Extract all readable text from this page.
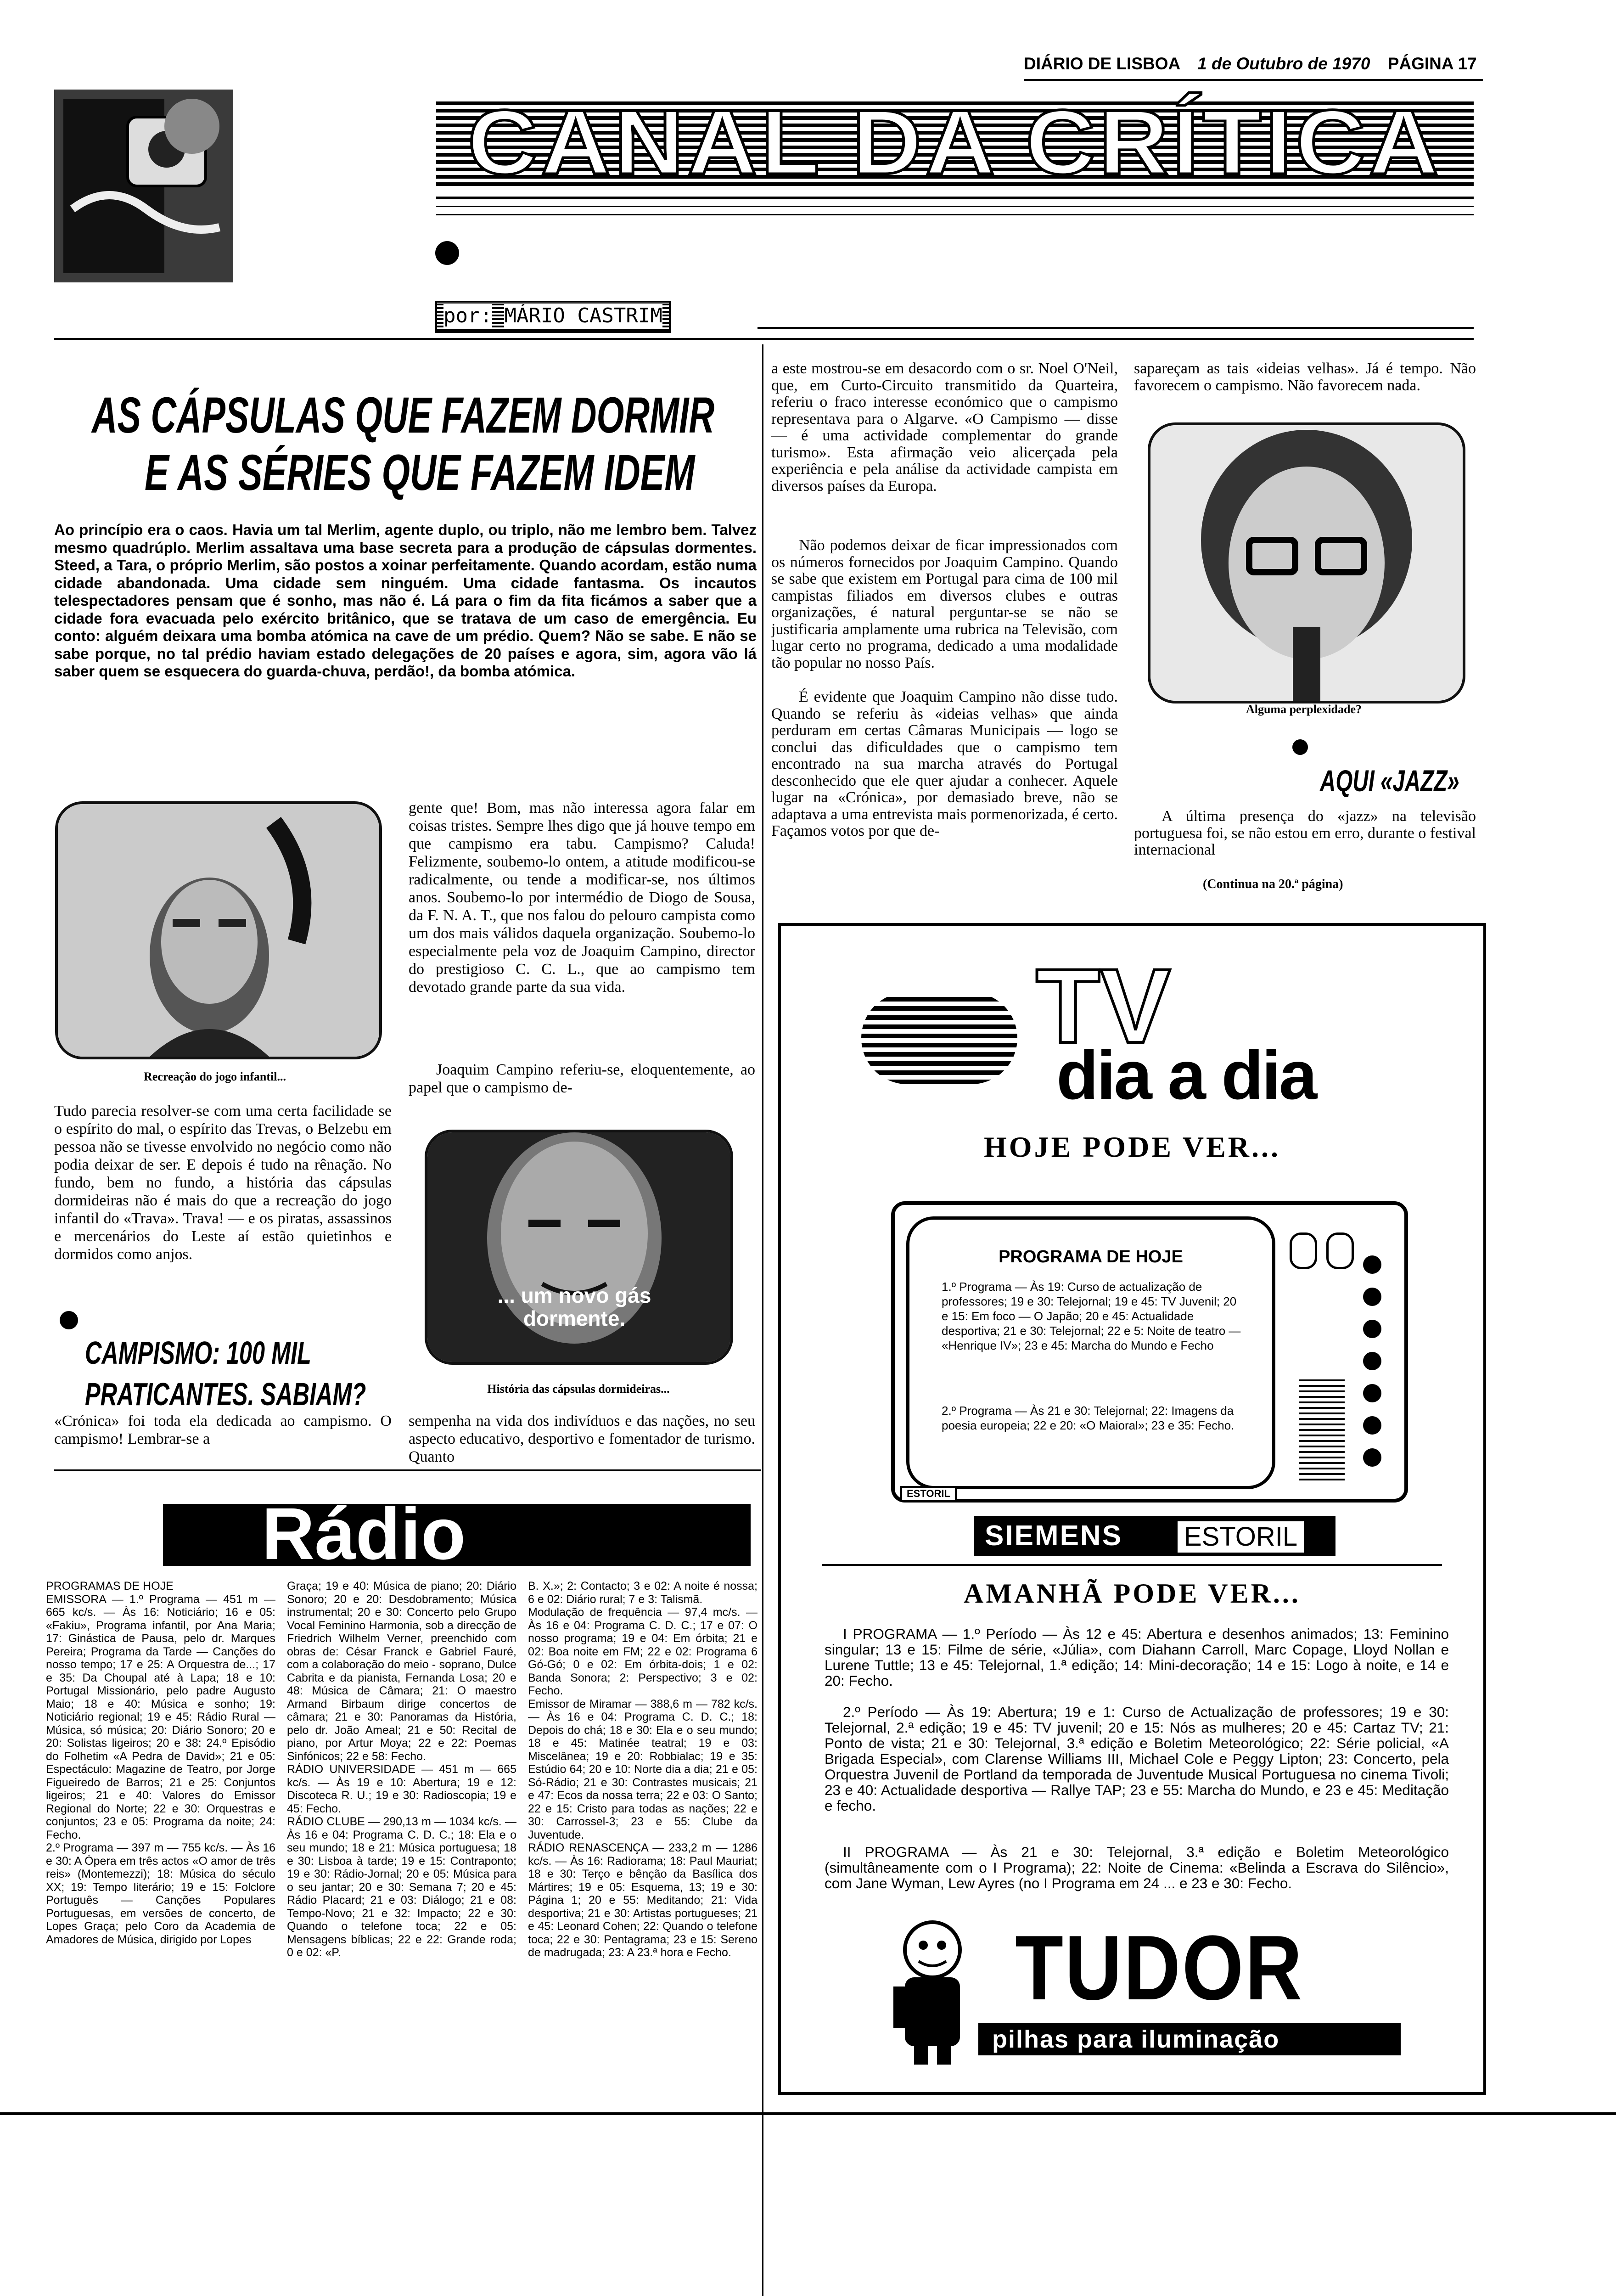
DIÁRIO DE LISBOA 1 de Outubro de 1970 PÁGINA 17
CANAL DA CRÍTICA
por: MÁRIO CASTRIM
AS CÁPSULAS QUE FAZEM DORMIR
E AS SÉRIES QUE FAZEM IDEM
Ao princípio era o caos. Havia um tal Merlim, agente duplo, ou triplo, não me lembro bem. Talvez mesmo quadrúplo. Merlim assaltava uma base secreta para a produção de cápsulas dormentes. Steed, a Tara, o próprio Merlim, são postos a xoinar perfeitamente. Quando acordam, estão numa cidade abandonada. Uma cidade sem ninguém. Uma cidade fantasma. Os incautos telespectadores pensam que é sonho, mas não é. Lá para o fim da fita ficámos a saber que a cidade fora evacuada pelo exército britânico, que se tratava de um caso de emergência. Eu conto: alguém deixara uma bomba atómica na cave de um prédio. Quem? Não se sabe. E não se sabe porque, no tal prédio haviam estado delegações de 20 países e agora, sim, agora vão lá saber quem se esquecera do guarda-chuva, perdão!, da bomba atómica.
Recreação do jogo infantil...
Tudo parecia resolver-se com uma certa facilidade se o espírito do mal, o espírito das Trevas, o Belzebu em pessoa não se tivesse envolvido no negócio como não podia deixar de ser. E depois é tudo na rênação. No fundo, bem no fundo, a história das cápsulas dormideiras não é mais do que a recreação do jogo infantil do «Trava». Trava! — e os piratas, assassinos e mercenários do Leste aí estão quietinhos e dormidos como anjos.
CAMPISMO: 100 MIL
PRATICANTES. SABIAM?
«Crónica» foi toda ela dedicada ao campismo. O campismo! Lembrar-se a
gente que! Bom, mas não interessa agora falar em coisas tristes. Sempre lhes digo que já houve tempo em que campismo era tabu. Campismo? Caluda! Felizmente, soubemo-lo ontem, a atitude modificou-se radicalmente, ou tende a modificar-se, nos últimos anos. Soubemo-lo por intermédio de Diogo de Sousa, da F. N. A. T., que nos falou do pelouro campista como um dos mais válidos daquela organização. Soubemo-lo especialmente pela voz de Joaquim Campino, director do prestigioso C. C. L., que ao campismo tem devotado grande parte da sua vida.
Joaquim Campino referiu-se, eloquentemente, ao papel que o campismo de-
... um novo gás dormente.
História das cápsulas dormideiras...
sempenha na vida dos indivíduos e das nações, no seu aspecto educativo, desportivo e fomentador de turismo. Quanto
a este mostrou-se em desacordo com o sr. Noel O'Neil, que, em Curto-Circuito transmitido da Quarteira, referiu o fraco interesse económico que o campismo representava para o Algarve. «O Campismo — disse — é uma actividade complementar do grande turismo». Esta afirmação veio alicerçada pela experiência e pela análise da actividade campista em diversos países da Europa.
Não podemos deixar de ficar impressionados com os números fornecidos por Joaquim Campino. Quando se sabe que existem em Portugal para cima de 100 mil campistas filiados em diversos clubes e outras organizações, é natural perguntar-se se não se justificaria amplamente uma rubrica na Televisão, com lugar certo no programa, dedicado a uma modalidade tão popular no nosso País.
É evidente que Joaquim Campino não disse tudo. Quando se referiu às «ideias velhas» que ainda perduram em certas Câmaras Municipais — logo se conclui das dificuldades que o campismo tem encontrado na sua marcha através do Portugal desconhecido que ele quer ajudar a conhecer. Aquele lugar na «Crónica», por demasiado breve, não se adaptava a uma entrevista mais pormenorizada, é certo. Façamos votos por que de-
sapareçam as tais «ideias velhas». Já é tempo. Não favorecem o campismo. Não favorecem nada.
Alguma perplexidade?
AQUI «JAZZ»
A última presença do «jazz» na televisão portuguesa foi, se não estou em erro, durante o festival internacional
(Continua na 20.ª página)
Rádio
PROGRAMAS DE HOJE
EMISSORA — 1.º Programa — 451 m — 665 kc/s. — Às 16: Noticiário; 16 e 05: «Fakiu», Programa infantil, por Ana Maria; 17: Ginástica de Pausa, pelo dr. Marques Pereira; Programa da Tarde — Canções do nosso tempo; 17 e 25: A Orquestra de...; 17 e 35: Da Choupal até à Lapa; 18 e 10: Portugal Missionário, pelo padre Augusto Maio; 18 e 40: Música e sonho; 19: Noticiário regional; 19 e 45: Rádio Rural — Música, só música; 20: Diário Sonoro; 20 e 20: Solistas ligeiros; 20 e 38: 24.º Episódio do Folhetim «A Pedra de David»; 21 e 05: Espectáculo: Magazine de Teatro, por Jorge Figueiredo de Barros; 21 e 25: Conjuntos ligeiros; 21 e 40: Valores do Emissor Regional do Norte; 22 e 30: Orquestras e conjuntos; 23 e 05: Programa da noite; 24: Fecho.
2.º Programa — 397 m — 755 kc/s. — Às 16 e 30: A Ópera em três actos «O amor de três reis» (Montemezzi); 18: Música do século XX; 19: Tempo literário; 19 e 15: Folclore Português — Canções Populares Portuguesas, em versões de concerto, de Lopes Graça; pelo Coro da Academia de Amadores de Música, dirigido por Lopes
Graça; 19 e 40: Música de piano; 20: Diário Sonoro; 20 e 20: Desdobramento; Música instrumental; 20 e 30: Concerto pelo Grupo Vocal Feminino Harmonia, sob a direcção de Friedrich Wilhelm Verner, preenchido com obras de: César Franck e Gabriel Fauré, com a colaboração do meio - soprano, Dulce Cabrita e da pianista, Fernanda Losa; 20 e 48: Música de Câmara; 21: O maestro Armand Birbaum dirige concertos de câmara; 21 e 30: Panoramas da História, pelo dr. João Ameal; 21 e 50: Recital de piano, por Artur Moya; 22 e 22: Poemas Sinfónicos; 22 e 58: Fecho.
RÁDIO UNIVERSIDADE — 451 m — 665 kc/s. — Às 19 e 10: Abertura; 19 e 12: Discoteca R. U.; 19 e 30: Radioscopia; 19 e 45: Fecho.
RÁDIO CLUBE — 290,13 m — 1034 kc/s. — Às 16 e 04: Programa C. D. C.; 18: Ela e o seu mundo; 18 e 21: Música portuguesa; 18 e 30: Lisboa à tarde; 19 e 15: Contraponto; 19 e 30: Rádio-Jornal; 20 e 05: Música para o seu jantar; 20 e 30: Semana 7; 20 e 45: Rádio Placard; 21 e 03: Diálogo; 21 e 08: Tempo-Novo; 21 e 32: Impacto; 22 e 30: Quando o telefone toca; 22 e 05: Mensagens bíblicas; 22 e 22: Grande roda; 0 e 02: «P.
B. X.»; 2: Contacto; 3 e 02: A noite é nossa; 6 e 02: Diário rural; 7 e 3: Talismã.
Modulação de frequência — 97,4 mc/s. — Às 16 e 04: Programa C. D. C.; 17 e 07: O nosso programa; 19 e 04: Em órbita; 21 e 02: Boa noite em FM; 22 e 02: Programa 6 Gó-Gó; 0 e 02: Em órbita-dois; 1 e 02: Banda Sonora; 2: Perspectivo; 3 e 02: Fecho.
Emissor de Miramar — 388,6 m — 782 kc/s. — Às 16 e 04: Programa C. D. C.; 18: Depois do chá; 18 e 30: Ela e o seu mundo; 18 e 45: Matinée teatral; 19 e 03: Miscelânea; 19 e 20: Robbialac; 19 e 35: Estúdio 64; 20 e 10: Norte dia a dia; 21 e 05: Só-Rádio; 21 e 30: Contrastes musicais; 21 e 47: Ecos da nossa terra; 22 e 03: O Santo; 22 e 15: Cristo para todas as nações; 22 e 30: Carrossel-3; 23 e 55: Clube da Juventude.
RÁDIO RENASCENÇA — 233,2 m — 1286 kc/s. — Às 16: Radiorama; 18: Paul Mauriat; 18 e 30: Terço e bênção da Basílica dos Mártires; 19 e 05: Esquema, 13; 19 e 30: Página 1; 20 e 55: Meditando; 21: Vida desportiva; 21 e 30: Artistas portugueses; 21 e 45: Leonard Cohen; 22: Quando o telefone toca; 22 e 30: Pentagrama; 23 e 15: Sereno de madrugada; 23: A 23.ª hora e Fecho.
TV
dia a dia
HOJE PODE VER...
PROGRAMA DE HOJE
1.º Programa — Às 19: Curso de actualização de professores; 19 e 30: Telejornal; 19 e 45: TV Juvenil; 20 e 15: Em foco — O Japão; 20 e 45: Actualidade desportiva; 21 e 30: Telejornal; 22 e 5: Noite de teatro — «Henrique IV»; 23 e 45: Marcha do Mundo e Fecho
2.º Programa — Às 21 e 30: Telejornal; 22: Imagens da poesia europeia; 22 e 20: «O Maioral»; 23 e 35: Fecho.
ESTORIL
SIEMENS ESTORIL
AMANHÃ PODE VER...
I PROGRAMA — 1.º Período — Às 12 e 45: Abertura e desenhos animados; 13: Feminino singular; 13 e 15: Filme de série, «Júlia», com Diahann Carroll, Marc Copage, Lloyd Nollan e Lurene Tuttle; 13 e 45: Telejornal, 1.ª edição; 14: Mini-decoração; 14 e 15: Logo à noite, e 14 e 20: Fecho.
2.º Período — Às 19: Abertura; 19 e 1: Curso de Actualização de professores; 19 e 30: Telejornal, 2.ª edição; 19 e 45: TV juvenil; 20 e 15: Nós as mulheres; 20 e 45: Cartaz TV; 21: Ponto de vista; 21 e 30: Telejornal, 3.ª edição e Boletim Meteorológico; 22: Série policial, «A Brigada Especial», com Clarense Williams III, Michael Cole e Peggy Lipton; 23: Concerto, pela Orquestra Juvenil de Portland da temporada de Juventude Musical Portuguesa no cinema Tivoli; 23 e 40: Actualidade desportiva — Rallye TAP; 23 e 55: Marcha do Mundo, e 23 e 45: Meditação e fecho.
II PROGRAMA — Às 21 e 30: Telejornal, 3.ª edição e Boletim Meteorológico (simultâneamente com o I Programa); 22: Noite de Cinema: «Belinda a Escrava do Silêncio», com Jane Wyman, Lew Ayres (no I Programa em 24 ... e 23 e 30: Fecho.
TUDOR
pilhas para iluminação
